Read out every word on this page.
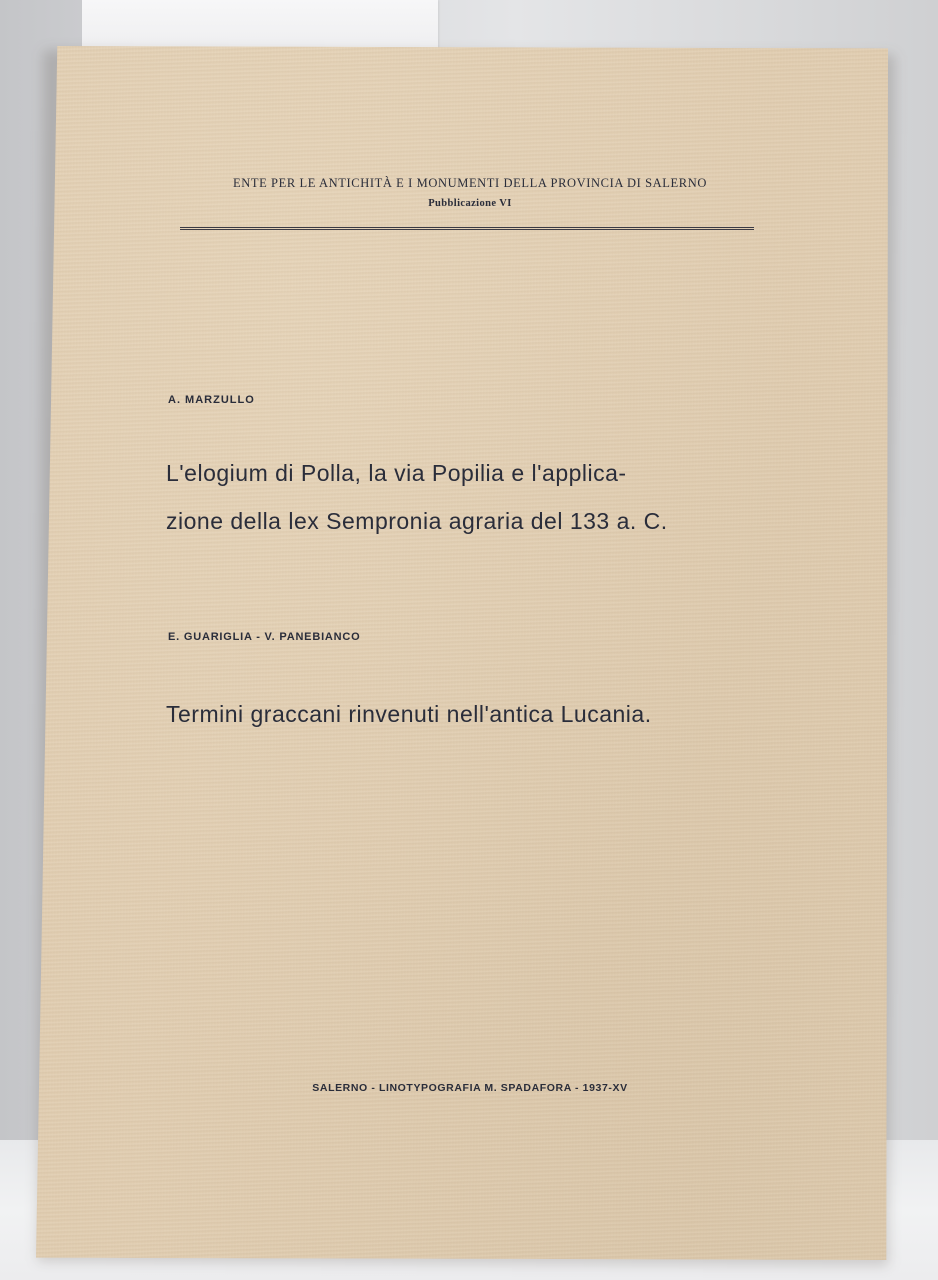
ENTE PER LE ANTICHITÀ E I MONUMENTI DELLA PROVINCIA DI SALERNO
Pubblicazione VI
A. MARZULLO
L'elogium di Polla, la via Popilia e l'applica-
zione della lex Sempronia agraria del 133 a. C.
E. GUARIGLIA - V. PANEBIANCO
Termini graccani rinvenuti nell'antica Lucania.
SALERNO - LINOTYPOGRAFIA M. SPADAFORA - 1937-XV
